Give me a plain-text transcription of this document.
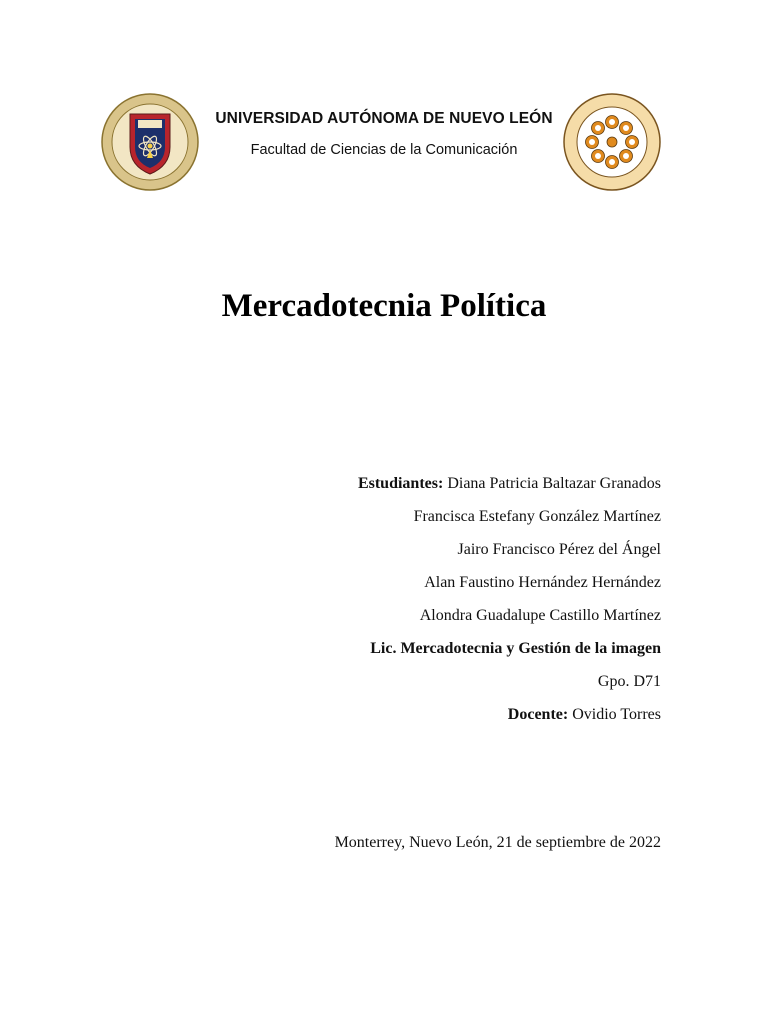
UNIVERSIDAD AUTÓNOMA DE NUEVO LEÓN
Facultad de Ciencias de la Comunicación
Mercadotecnia Política
Estudiantes: Diana Patricia Baltazar Granados
Francisca Estefany González Martínez
Jairo Francisco Pérez del Ángel
Alan Faustino Hernández Hernández
Alondra Guadalupe Castillo Martínez
Lic. Mercadotecnia y Gestión de la imagen
Gpo. D71
Docente: Ovidio Torres
Monterrey, Nuevo León, 21 de septiembre de 2022
